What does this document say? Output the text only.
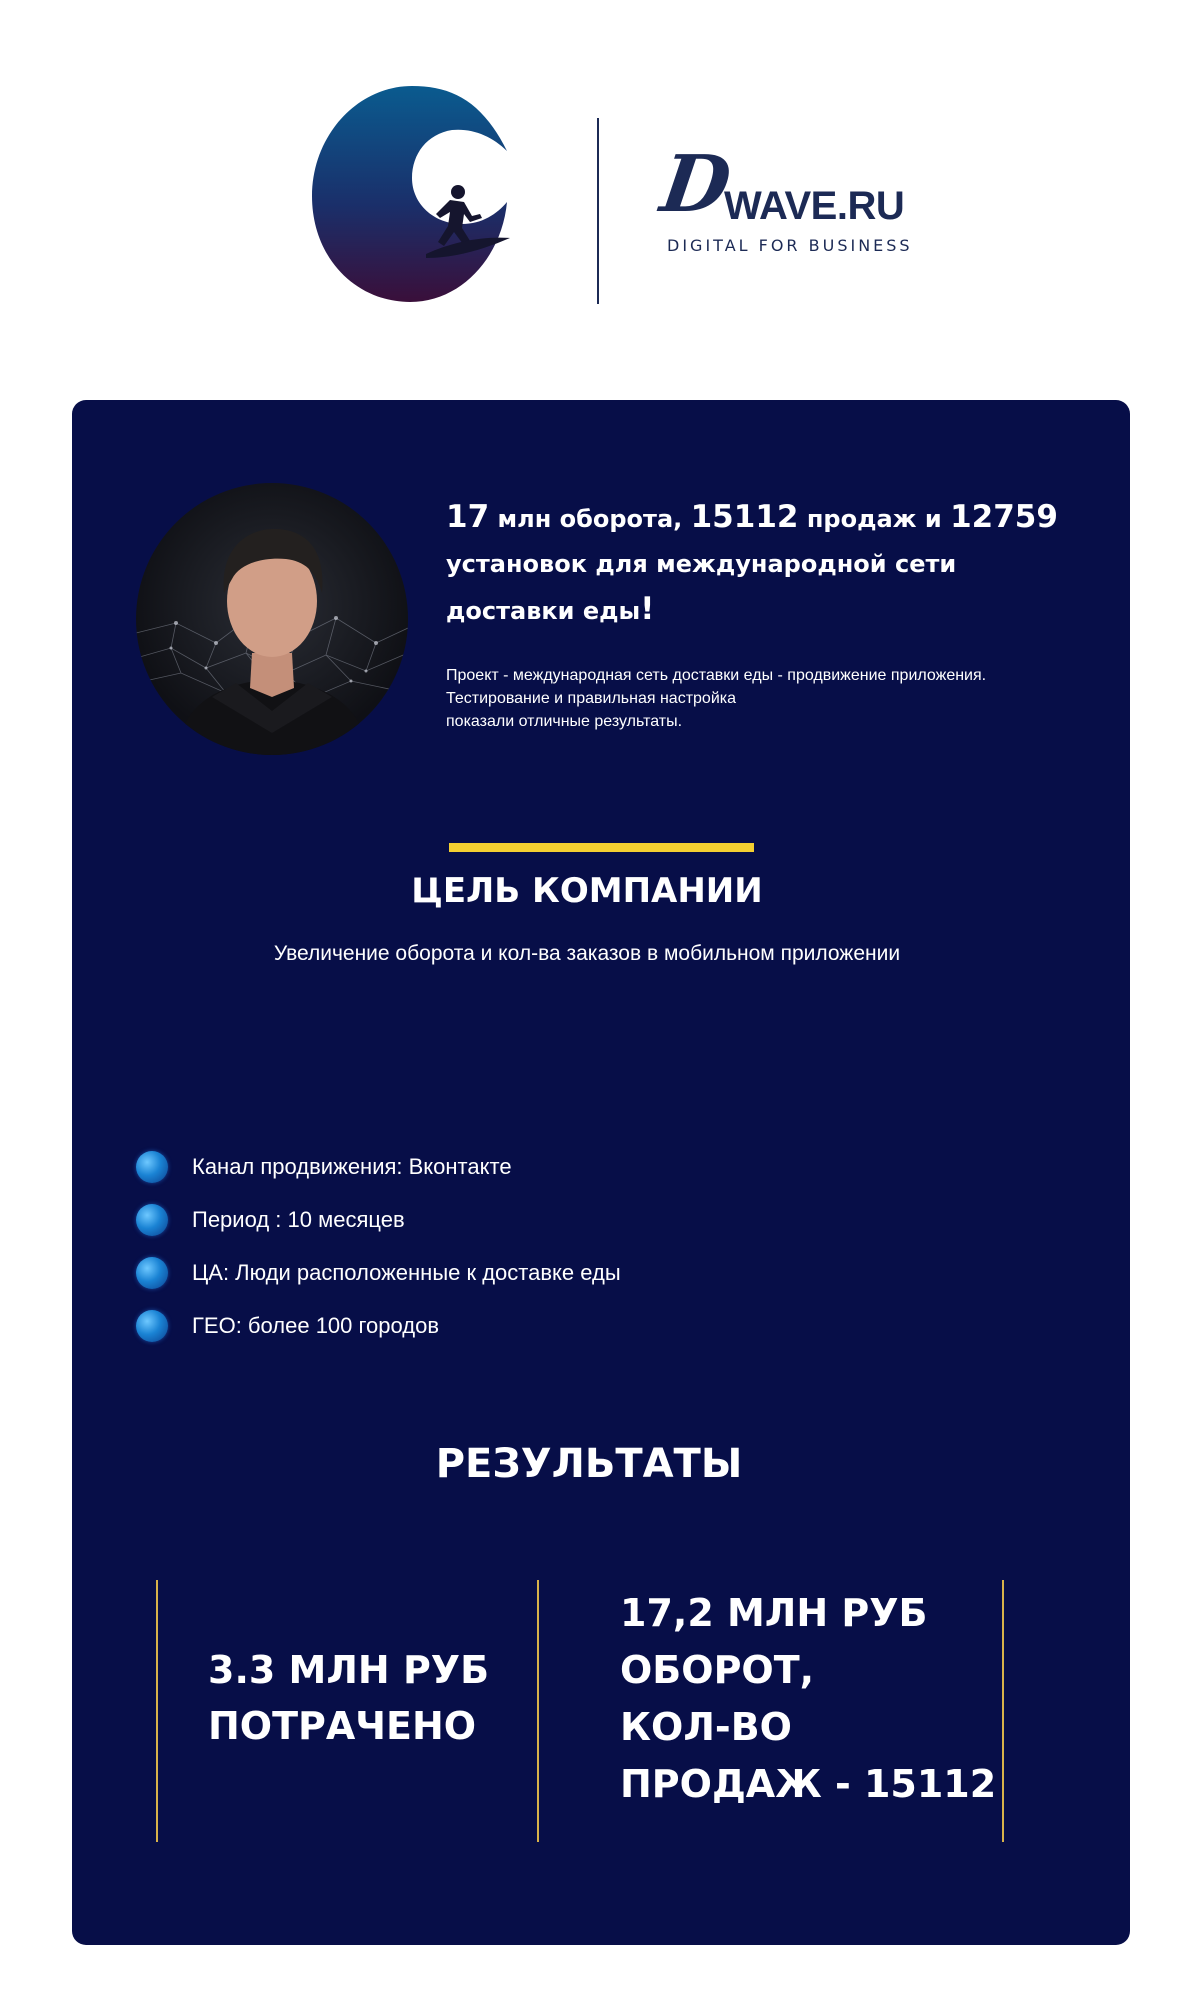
D
WAVE.RU
DIGITAL FOR BUSINESS
17 млн оборота, 15112 продаж и 12759 установок для международной сети доставки еды!
Проект - международная сеть доставки еды - продвижение приложения.
Тестирование и правильная настройка
показали отличные результаты.
ЦЕЛЬ КОМПАНИИ
Увеличение оборота и кол-ва заказов в мобильном приложении
Канал продвижения: Вконтакте
Период : 10 месяцев
ЦА: Люди расположенные к доставке еды
ГЕО: более 100 городов
РЕЗУЛЬТАТЫ
3.3 МЛН РУБ
ПОТРАЧЕНО
17,2 МЛН РУБ
ОБОРОТ,
КОЛ-ВО
ПРОДАЖ - 15112
